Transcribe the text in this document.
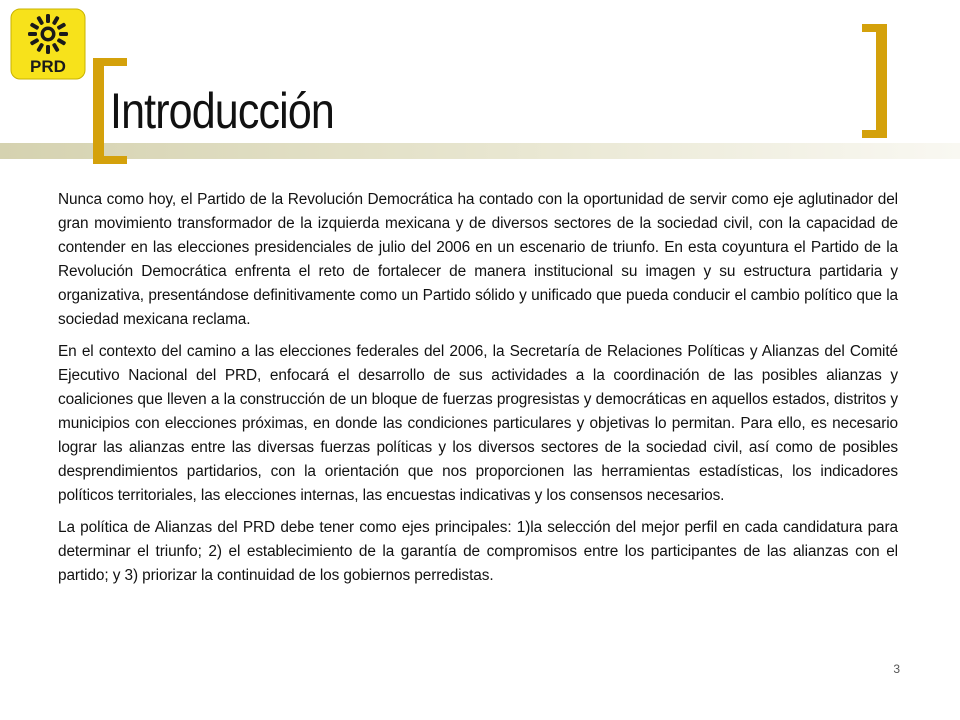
PRD
Introducción

Nunca como hoy, el Partido de la Revolución Democrática ha contado con la oportunidad de servir como eje aglutinador del gran movimiento transformador de la izquierda mexicana y de diversos sectores de la sociedad civil, con la capacidad de contender en las elecciones presidenciales de julio del 2006 en un escenario de triunfo. En esta coyuntura el Partido de la Revolución Democrática enfrenta el reto de fortalecer de manera institucional su imagen y su estructura partidaria y organizativa, presentándose definitivamente como un Partido sólido y unificado que pueda conducir el cambio político que la sociedad mexicana reclama.

En el contexto del camino a las elecciones federales del 2006, la Secretaría de Relaciones Políticas y Alianzas del Comité Ejecutivo Nacional del PRD, enfocará el desarrollo de sus actividades a la coordinación de las posibles alianzas y coaliciones que lleven a la construcción de un bloque de fuerzas progresistas y democráticas en aquellos estados, distritos y municipios con elecciones próximas, en donde las condiciones particulares y objetivas lo permitan. Para ello, es necesario lograr las alianzas entre las diversas fuerzas políticas y los diversos sectores de la sociedad civil, así como de posibles desprendimientos partidarios, con la orientación que nos proporcionen las herramientas estadísticas, los indicadores políticos territoriales, las elecciones internas, las encuestas indicativas y los consensos necesarios.

La política de Alianzas del PRD debe tener como ejes principales: 1)la selección del mejor perfil en cada candidatura para determinar el triunfo; 2) el establecimiento de la garantía de compromisos entre los participantes de las alianzas con el partido; y 3) priorizar la continuidad de los gobiernos perredistas.

3
